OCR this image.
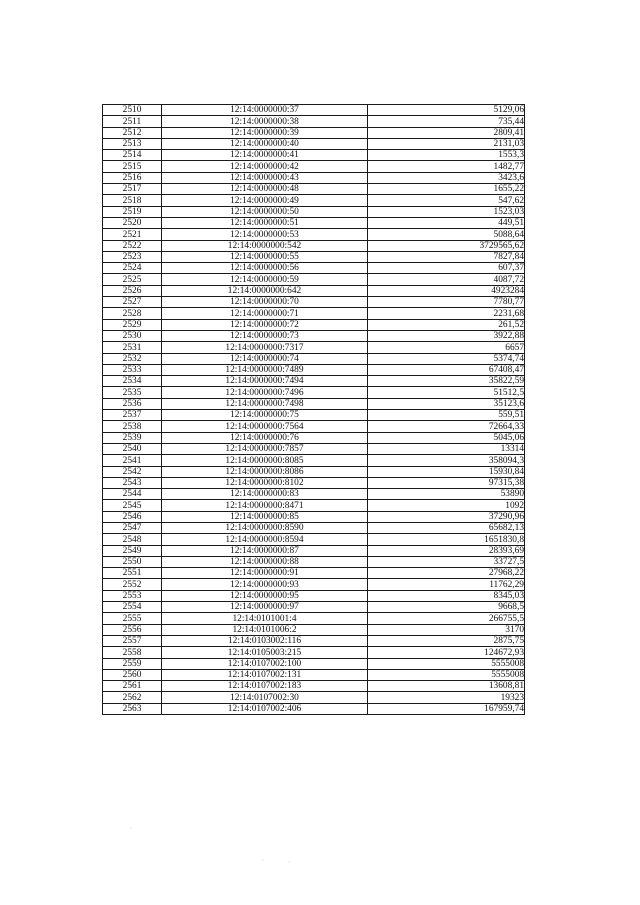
2510	12:14:0000000:37	5129,06
2511	12:14:0000000:38	735,44
2512	12:14:0000000:39	2809,41
2513	12:14:0000000:40	2131,03
2514	12:14:0000000:41	1553,3
2515	12:14:0000000:42	1482,77
2516	12:14:0000000:43	3423,6
2517	12:14:0000000:48	1655,22
2518	12:14:0000000:49	547,62
2519	12:14:0000000:50	1523,03
2520	12:14:0000000:51	449,51
2521	12:14:0000000:53	5088,64
2522	12:14:0000000:542	3729565,62
2523	12:14:0000000:55	7827,84
2524	12:14:0000000:56	607,37
2525	12:14:0000000:59	4087,72
2526	12:14:0000000:642	4923284
2527	12:14:0000000:70	7780,77
2528	12:14:0000000:71	2231,68
2529	12:14:0000000:72	261,52
2530	12:14:0000000:73	3922,88
2531	12:14:0000000:7317	6657
2532	12:14:0000000:74	5374,74
2533	12:14:0000000:7489	67408,47
2534	12:14:0000000:7494	35822,59
2535	12:14:0000000:7496	51512,5
2536	12:14:0000000:7498	35123,6
2537	12:14:0000000:75	559,51
2538	12:14:0000000:7564	72664,33
2539	12:14:0000000:76	5045,06
2540	12:14:0000000:7857	13314
2541	12:14:0000000:8085	358094,3
2542	12:14:0000000:8086	15930,84
2543	12:14:0000000:8102	97315,38
2544	12:14:0000000:83	53890
2545	12:14:0000000:8471	1092
2546	12:14:0000000:85	37290,96
2547	12:14:0000000:8590	65682,13
2548	12:14:0000000:8594	1651830,8
2549	12:14:0000000:87	28393,69
2550	12:14:0000000:88	33727,5
2551	12:14:0000000:91	27968,22
2552	12:14:0000000:93	11762,29
2553	12:14:0000000:95	8345,03
2554	12:14:0000000:97	9668,5
2555	12:14:0101001:4	266755,5
2556	12:14:0101006:2	3170
2557	12:14:0103002:116	2875,75
2558	12:14:0105003:215	124672,93
2559	12:14:0107002:100	5555008
2560	12:14:0107002:131	5555008
2561	12:14:0107002:183	13608,81
2562	12:14:0107002:30	19323
2563	12:14:0107002:406	167959,74
·
·	·
